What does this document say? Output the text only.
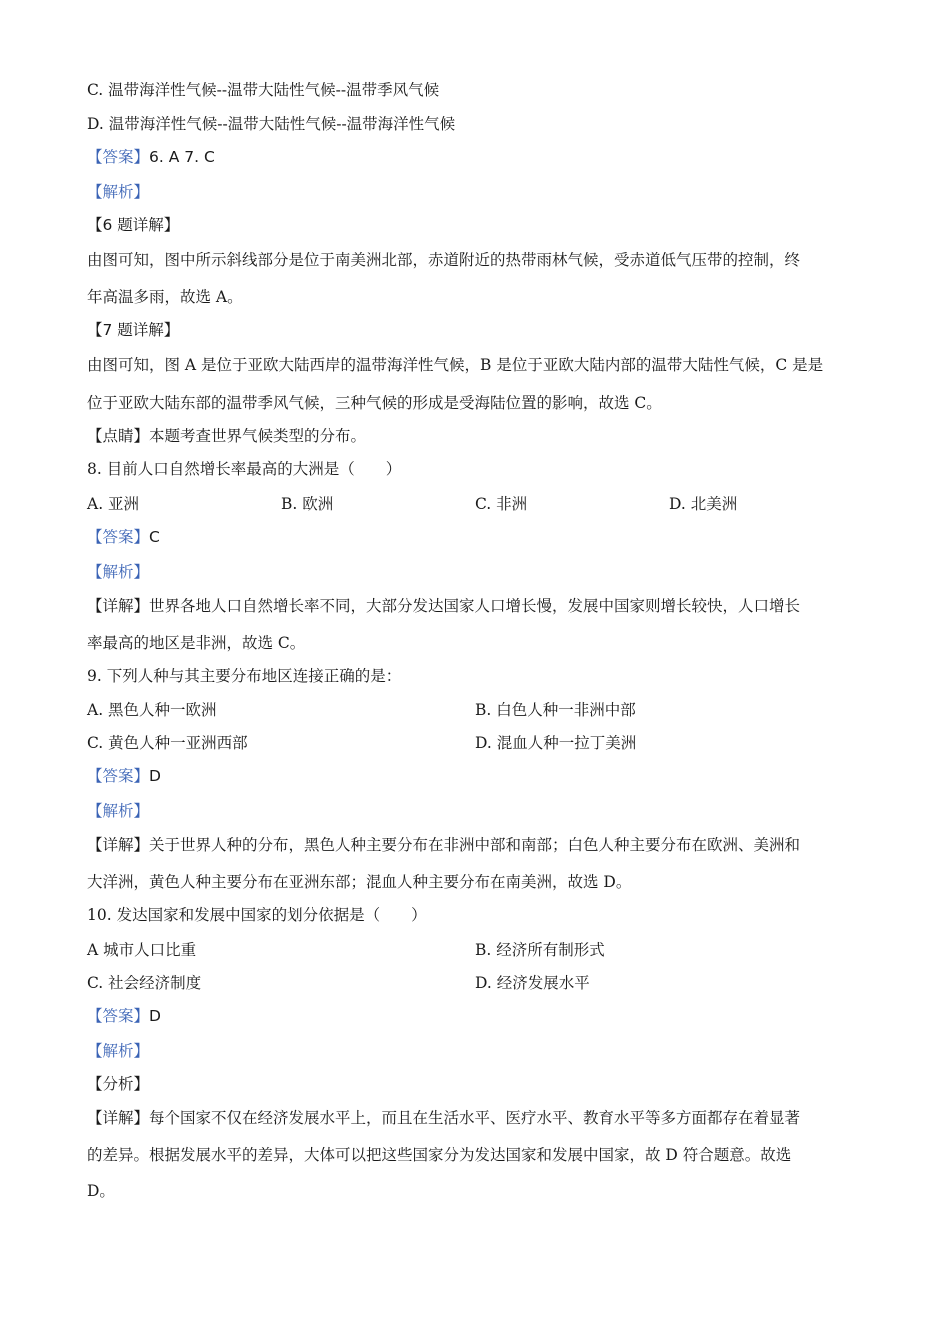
C. 温带海洋性气候--温带大陆性气候--温带季风气候
D. 温带海洋性气候--温带大陆性气候--温带海洋性气候
【答案】6. A 7. C
【解析】
【6 题详解】
由图可知，图中所示斜线部分是位于南美洲北部，赤道附近的热带雨林气候，受赤道低气压带的控制，终
年高温多雨，故选 A。
【7 题详解】
由图可知，图 A 是位于亚欧大陆西岸的温带海洋性气候，B 是位于亚欧大陆内部的温带大陆性气候，C 是是
位于亚欧大陆东部的温带季风气候，三种气候的形成是受海陆位置的影响，故选 C。
【点睛】本题考查世界气候类型的分布。
8. 目前人口自然增长率最高的大洲是（　　）
A. 亚洲	B. 欧洲	C. 非洲	D. 北美洲
【答案】C
【解析】
【详解】世界各地人口自然增长率不同，大部分发达国家人口增长慢，发展中国家则增长较快，人口增长
率最高的地区是非洲，故选 C。
9. 下列人种与其主要分布地区连接正确的是：
A. 黑色人种一欧洲	B. 白色人种一非洲中部
C. 黄色人种一亚洲西部	D. 混血人种一拉丁美洲
【答案】D
【解析】
【详解】关于世界人种的分布，黑色人种主要分布在非洲中部和南部；白色人种主要分布在欧洲、美洲和
大洋洲，黄色人种主要分布在亚洲东部；混血人种主要分布在南美洲，故选 D。
10. 发达国家和发展中国家的划分依据是（　　）
A 城市人口比重	B. 经济所有制形式
C. 社会经济制度	D. 经济发展水平
【答案】D
【解析】
【分析】
【详解】每个国家不仅在经济发展水平上，而且在生活水平、医疗水平、教育水平等多方面都存在着显著
的差异。根据发展水平的差异，大体可以把这些国家分为发达国家和发展中国家，故 D 符合题意。故选
D。
